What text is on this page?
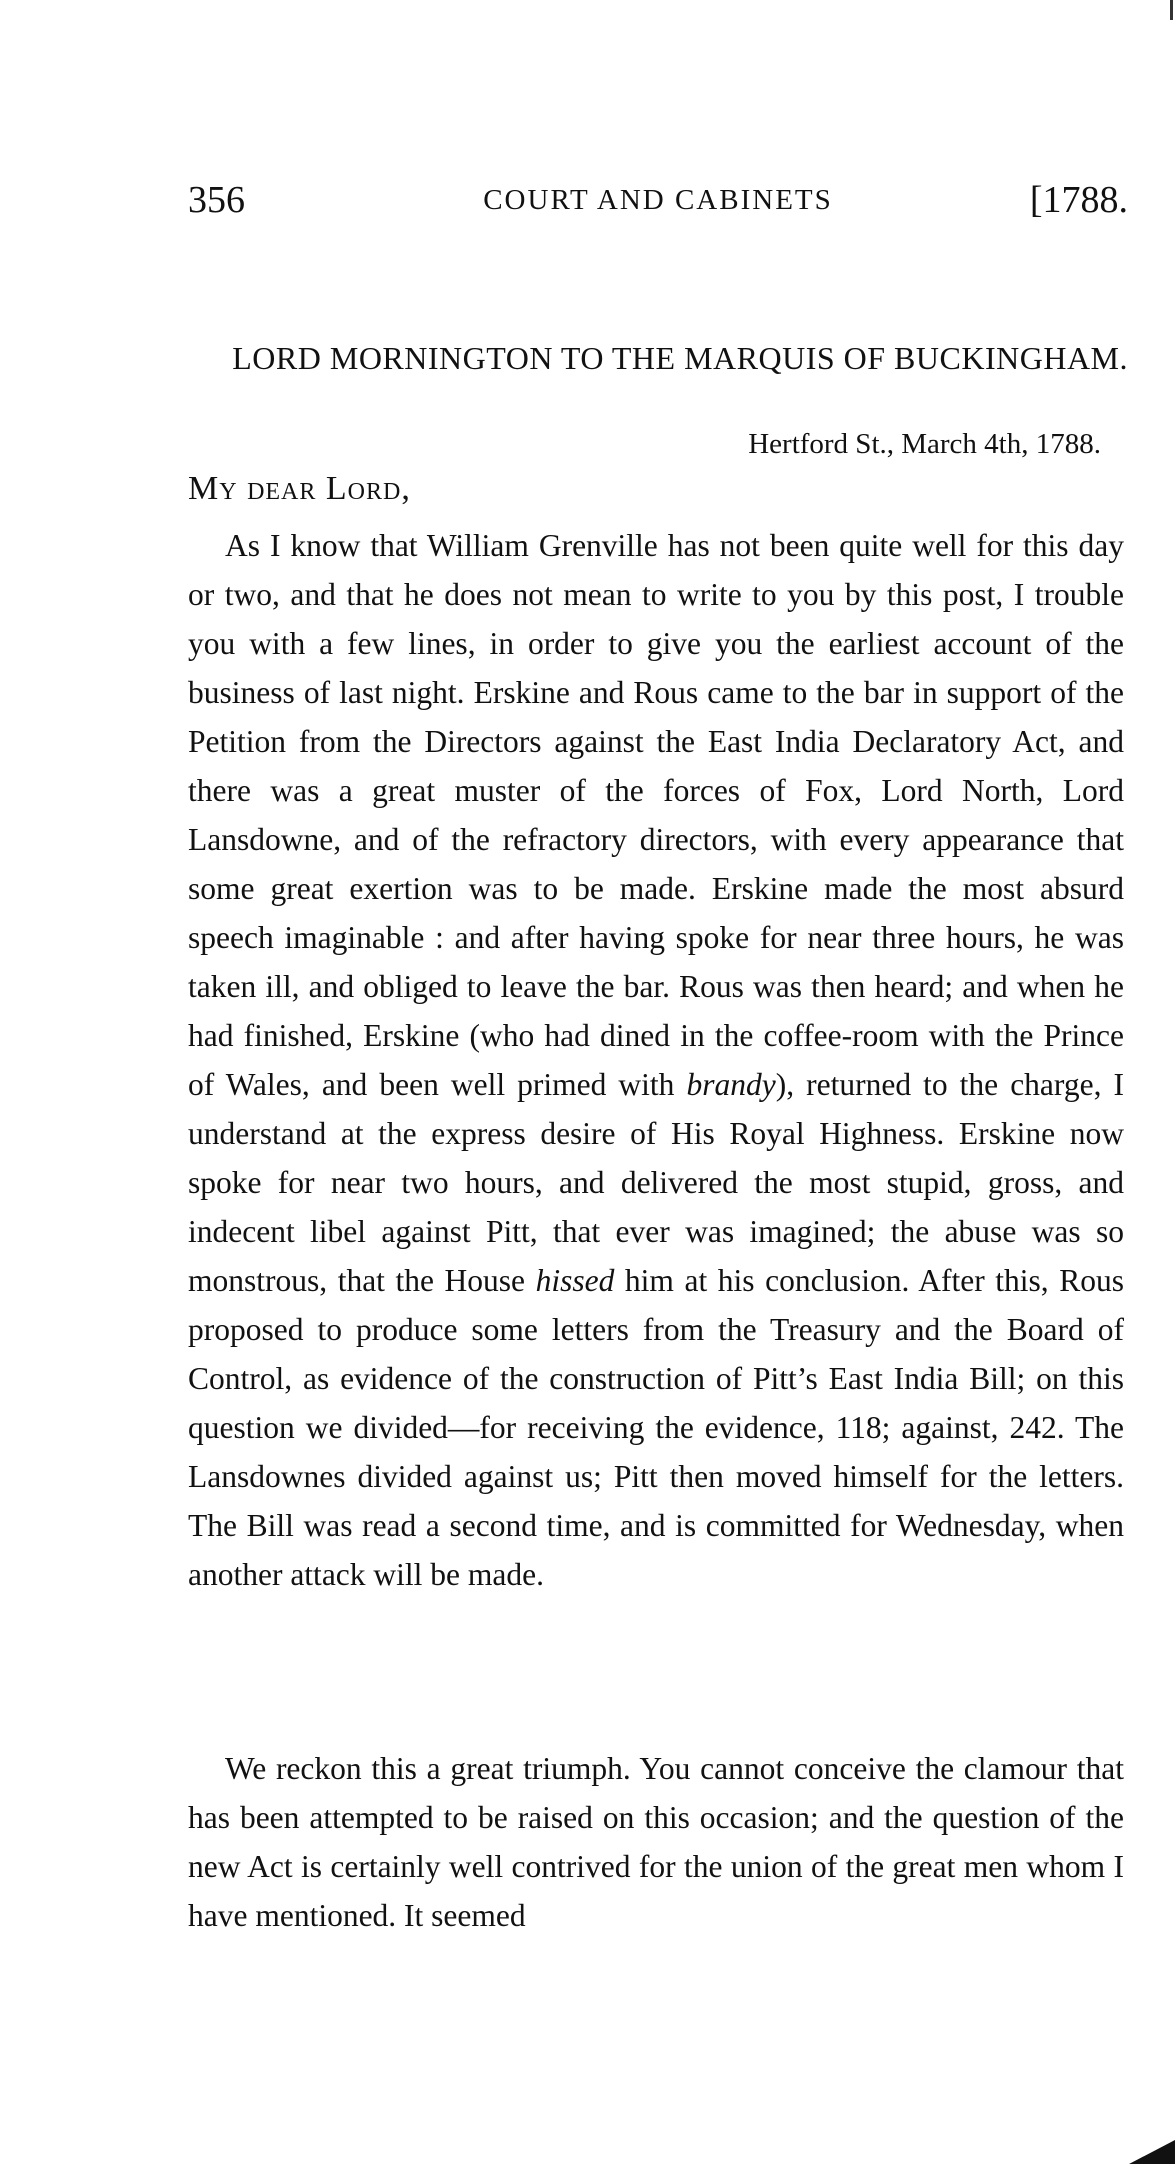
356	COURT AND CABINETS	[1788.
LORD MORNINGTON TO THE MARQUIS OF BUCKINGHAM.
Hertford St., March 4th, 1788.
My dear Lord,

As I know that William Grenville has not been quite well for this day or two, and that he does not mean to write to you by this post, I trouble you with a few lines, in order to give you the earliest account of the business of last night. Erskine and Rous came to the bar in support of the Petition from the Directors against the East India Declaratory Act, and there was a great muster of the forces of Fox, Lord North, Lord Lansdowne, and of the refractory directors, with every appearance that some great exertion was to be made. Erskine made the most absurd speech imaginable : and after having spoke for near three hours, he was taken ill, and obliged to leave the bar. Rous was then heard; and when he had finished, Erskine (who had dined in the coffee-room with the Prince of Wales, and been well primed with brandy), returned to the charge, I understand at the express desire of His Royal Highness. Erskine now spoke for near two hours, and delivered the most stupid, gross, and indecent libel against Pitt, that ever was imagined; the abuse was so monstrous, that the House hissed him at his conclusion. After this, Rous proposed to produce some letters from the Treasury and the Board of Control, as evidence of the construction of Pitt’s East India Bill; on this question we divided—for receiving the evidence, 118; against, 242. The Lansdownes divided against us; Pitt then moved himself for the letters. The Bill was read a second time, and is committed for Wednesday, when another attack will be made.

We reckon this a great triumph. You cannot conceive the clamour that has been attempted to be raised on this occasion; and the question of the new Act is certainly well contrived for the union of the great men whom I have mentioned. It seemed
